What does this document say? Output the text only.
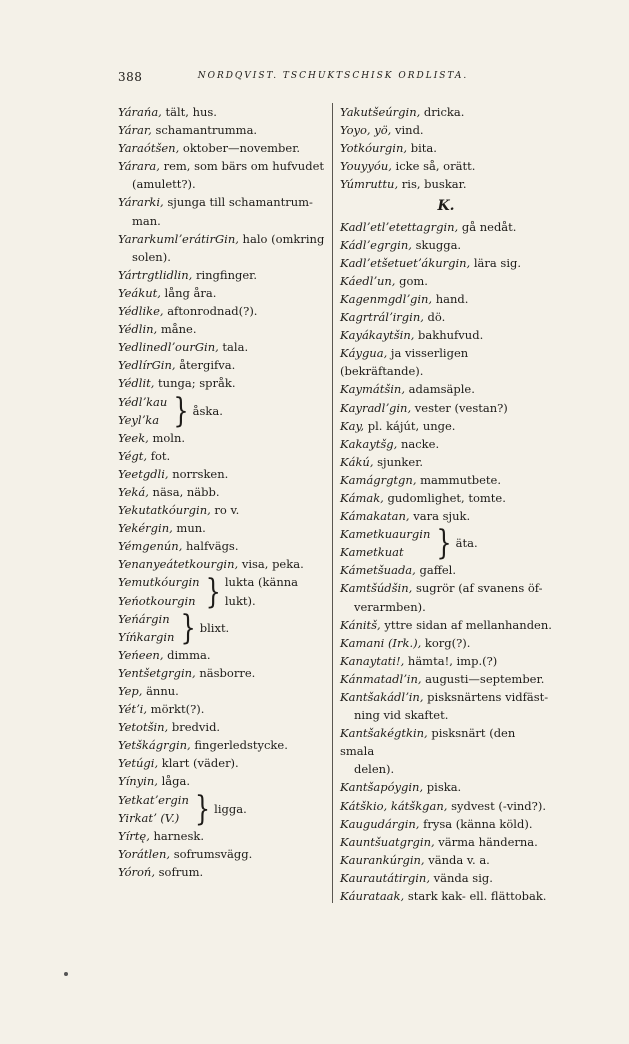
388	NORDQVIST. TSCHUKTSCHISK ORDLISTA.
Yárańa, tält, hus.
Yárar, schamantrumma.
Yaraótšen, oktober—november.
Yárara, rem, som bärs om hufvudet
(amulett?).
Yárarki, sjunga till schamantrum-
man.
YararkumlʼerátirGin, halo (omkring
solen).
Yártrgtlidlin, ringfinger.
Yeákut, lång åra.
Yédlike, aftonrodnad(?).
Yédlin, måne.
YedlinedlʼourGin, tala.
YedlírGin, återgifva.
Yédlit, tunga; språk.
Yédlʼkau
Yeylʼka } åska.
Yeek, moln.
Yégt, fot.
Yeetgdli, norrsken.
Yeká, näsa, näbb.
Yekutatkóurgin, ro v.
Yekérgin, mun.
Yémgenún, halfvägs.
Yenanyeátetkourgin, visa, peka.
Yemutkóurgin
Yeńotkourgin } lukta (känna lukt).
Yeńárgin
Yíńkargin } blixt.
Yeńeen, dimma.
Yentšetgrgin, näsborre.
Yep, ännu.
Yétʼi, mörkt(?).
Yetotšin, bredvid.
Yetškágrgin, fingerledstycke.
Yetúgi, klart (väder).
Yínyin, låga.
Yetkatʼergin
Yirkatʼ (V.) } ligga.
Yírtę, harnesk.
Yorátlen, sofrumsvägg.
Yóroń, sofrum.
Yakutšeúrgin, dricka.
Yoyo, yö, vind.
Yotkóurgin, bita.
Youyyóu, icke så, orätt.
Yúmruttu, ris, buskar.
K.
Kadlʼetlʼetettagrgin, gå nedåt.
Kádlʼegrgin, skugga.
Kadlʼetšetuetʼákurgin, lära sig.
Káedlʼun, gom.
Kagenmgdlʼgin, hand.
Kagrtrálʼirgin, dö.
Kayákaytšin, bakhufvud.
Káygua, ja visserligen (bekräftande).
Kaymátšin, adamsäple.
Kayradlʼgin, vester (vestan?)
Kay, pl. kájút, unge.
Kakaytšg, nacke.
Kákú, sjunker.
Kamágrgtgn, mammutbete.
Kámak, gudomlighet, tomte.
Kámakatan, vara sjuk.
Kametkuaurgin
Kametkuat	} äta.
Kámetšuada, gaffel.
Kamtšúdšin, sugrör (af svanens öf-
verarmben).
Kánitš, yttre sidan af mellanhanden.
Kamani (Irk.), korg(?).
Kanaytati!, hämta!, imp.(?)
Kánmatadlʼin, augusti—september.
Kantšakádlʼin, pisksnärtens vidfäst-
ning vid skaftet.
Kantšakégtkin, pisksnärt (den smala
delen).
Kantšapóygin, piska.
Kátškio, kátškgan, sydvest (-vind?).
Kaugudárgin, frysa (känna köld).
Kauntšuatgrgin, värma händerna.
Kaurankúrgin, vända v. a.
Kaurautátirgin, vända sig.
Káurataak, stark kak- ell. flättobak.
